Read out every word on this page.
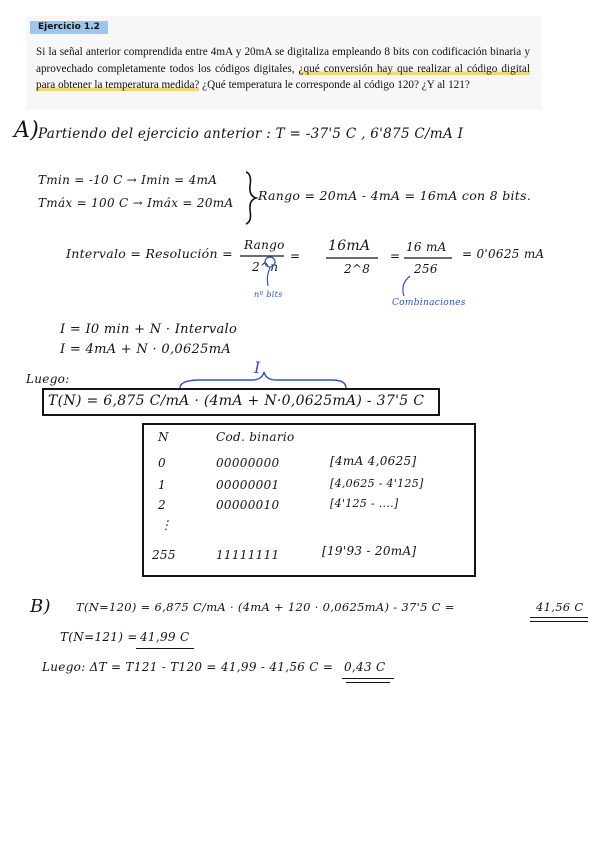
Ejercicio 1.2
Si la señal anterior comprendida entre 4mA y 20mA se digitaliza empleando 8 bits con codificación binaria y aprovechado completamente todos los códigos digitales, ¿qué conversión hay que realizar al código digital para obtener la temperatura medida? ¿Qué temperatura le corresponde al código 120? ¿Y al 121?
A)
Partiendo del ejercicio anterior : T = -37'5 C , 6'875 C/mA I
Tmin = -10 C → Imin = 4mA
Tmáx = 100 C → Imáx = 20mA Rango = 20mA - 4mA = 16mA con 8 bits.
Intervalo = Resolución =
Rango
2^n
=
16mA
2^8
=
16 mA
256
= 0'0625 mA
nº bits
Combinaciones
I = I0 min + N · Intervalo
I = 4mA + N · 0,0625mA
Luego:
I
T(N) = 6,875 C/mA · (4mA + N·0,0625mA) - 37'5 C
N	Cod. binario
0	00000000	[4mA 4,0625]
1	00000001	[4,0625 - 4'125]
2	00000010	[4'125 - ....]
⋮
255	11111111	[19'93 - 20mA]
B) T(N=120) = 6,875 C/mA · (4mA + 120 · 0,0625mA) - 37'5 C =	41,56 C
T(N=121) = 41,99 C
Luego: ΔT = T121 - T120 = 41,99 - 41,56 C = 0,43 C
